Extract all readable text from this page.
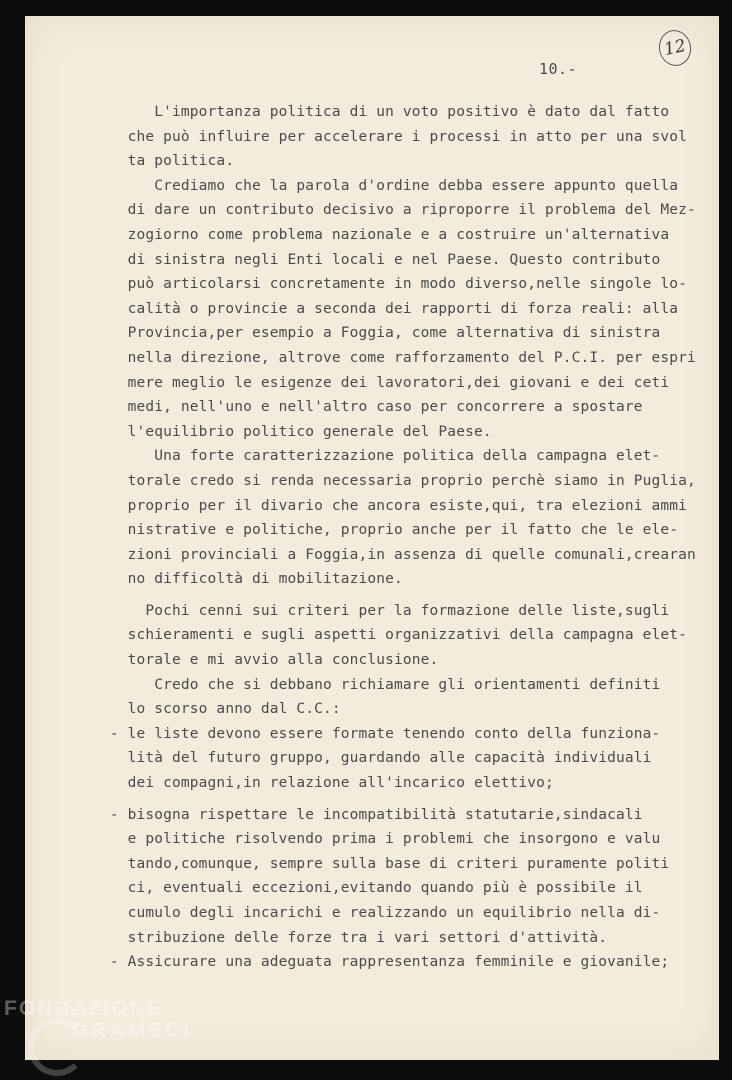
12
10.-
L'importanza politica di un voto positivo è dato dal fatto
che può influire per accelerare i processi in atto per una svol
ta politica.
Crediamo che la parola d'ordine debba essere appunto quella
di dare un contributo decisivo a riproporre il problema del Mez-
zogiorno come problema nazionale e a costruire un'alternativa
di sinistra negli Enti locali e nel Paese. Questo contributo
può articolarsi concretamente in modo diverso,nelle singole lo-
calità o provincie a seconda dei rapporti di forza reali: alla
Provincia,per esempio a Foggia, come alternativa di sinistra
nella direzione, altrove come rafforzamento del P.C.I. per espri
mere meglio le esigenze dei lavoratori,dei giovani e dei ceti
medi, nell'uno e nell'altro caso per concorrere a spostare
l'equilibrio politico generale del Paese.
Una forte caratterizzazione politica della campagna elet-
torale credo si renda necessaria proprio perchè siamo in Puglia,
proprio per il divario che ancora esiste,qui, tra elezioni ammi
nistrative e politiche, proprio anche per il fatto che le ele-
zioni provinciali a Foggia,in assenza di quelle comunali,crearan
no difficoltà di mobilitazione.
Pochi cenni sui criteri per la formazione delle liste,sugli
schieramenti e sugli aspetti organizzativi della campagna elet-
torale e mi avvio alla conclusione.
Credo che si debbano richiamare gli orientamenti definiti
lo scorso anno dal C.C.:
- le liste devono essere formate tenendo conto della funziona-
lità del futuro gruppo, guardando alle capacità individuali
dei compagni,in relazione all'incarico elettivo;
- bisogna rispettare le incompatibilità statutarie,sindacali
e politiche risolvendo prima i problemi che insorgono e valu
tando,comunque, sempre sulla base di criteri puramente politi
ci, eventuali eccezioni,evitando quando più è possibile il
cumulo degli incarichi e realizzando un equilibrio nella di-
stribuzione delle forze tra i vari settori d'attività.
- Assicurare una adeguata rappresentanza femminile e giovanile;
FONDAZIONE
GRAMSCI
